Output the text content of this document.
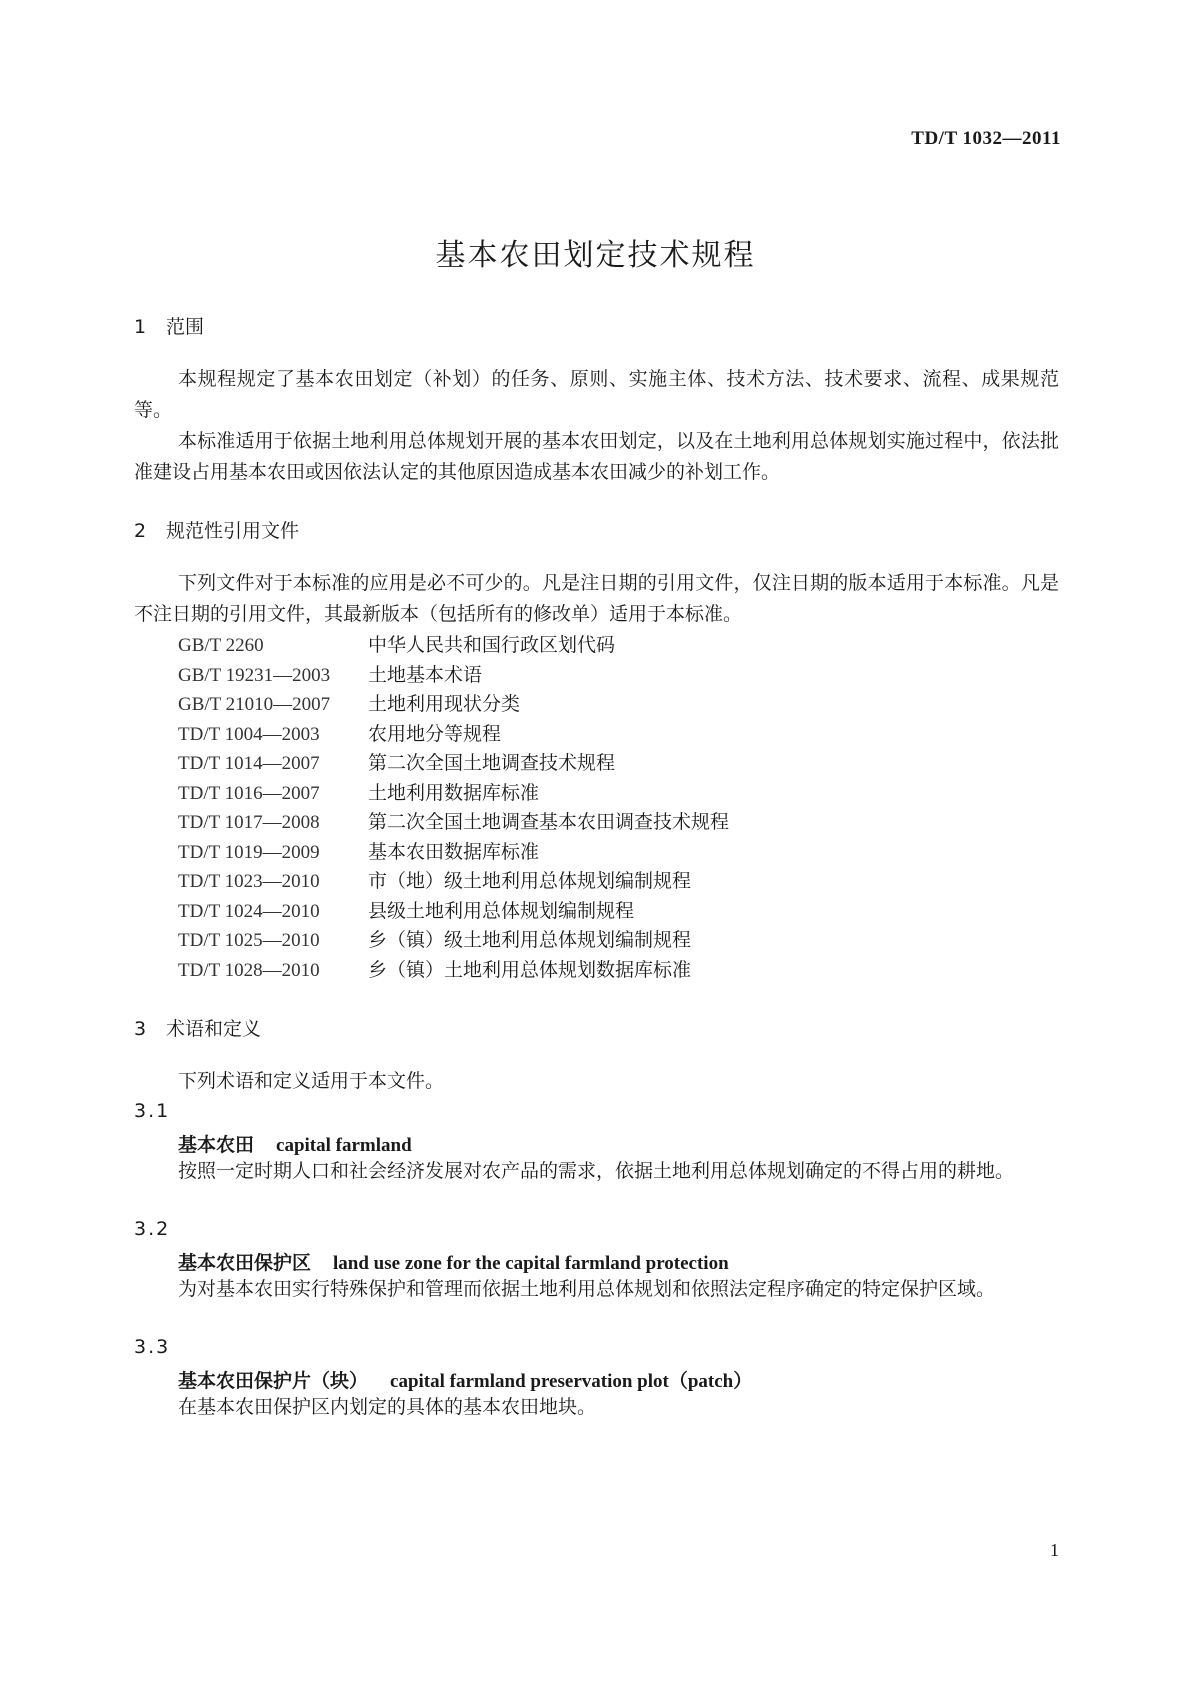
TD/T 1032—2011
基本农田划定技术规程
1 范围

本规程规定了基本农田划定（补划）的任务、原则、实施主体、技术方法、技术要求、流程、成果规范等。

本标准适用于依据土地利用总体规划开展的基本农田划定，以及在土地利用总体规划实施过程中，依法批准建设占用基本农田或因依法认定的其他原因造成基本农田减少的补划工作。

2 规范性引用文件

下列文件对于本标准的应用是必不可少的。凡是注日期的引用文件，仅注日期的版本适用于本标准。凡是不注日期的引用文件，其最新版本（包括所有的修改单）适用于本标准。

GB/T 2260	中华人民共和国行政区划代码
GB/T 19231—2003 土地基本术语
GB/T 21010—2007 土地利用现状分类
TD/T 1004—2003	农用地分等规程
TD/T 1014—2007	第二次全国土地调查技术规程
TD/T 1016—2007	土地利用数据库标准
TD/T 1017—2008	第二次全国土地调查基本农田调查技术规程
TD/T 1019—2009	基本农田数据库标准
TD/T 1023—2010	市（地）级土地利用总体规划编制规程
TD/T 1024—2010	县级土地利用总体规划编制规程
TD/T 1025—2010	乡（镇）级土地利用总体规划编制规程
TD/T 1028—2010	乡（镇）土地利用总体规划数据库标准
3 术语和定义

下列术语和定义适用于本文件。

3.1
基本农田 capital farmland

按照一定时期人口和社会经济发展对农产品的需求，依据土地利用总体规划确定的不得占用的耕地。

3.2
基本农田保护区 land use zone for the capital farmland protection

为对基本农田实行特殊保护和管理而依据土地利用总体规划和依照法定程序确定的特定保护区域。

3.3
基本农田保护片（块） capital farmland preservation plot（patch）

在基本农田保护区内划定的具体的基本农田地块。

1
